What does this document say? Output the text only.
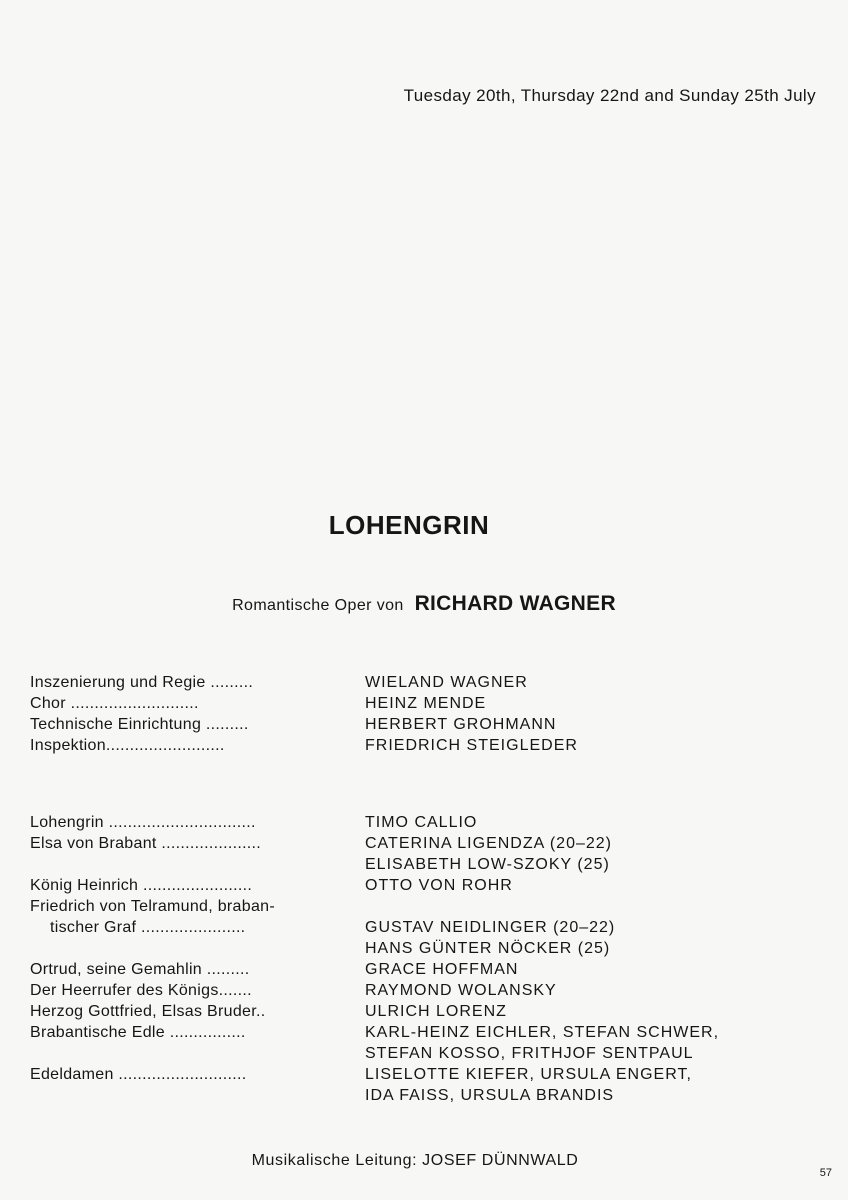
Tuesday 20th, Thursday 22nd and Sunday 25th July
LOHENGRIN
Romantische Oper von RICHARD WAGNER
Inszenierung und Regie .........	WIELAND WAGNER
Chor ...........................	HEINZ MENDE
Technische Einrichtung .........	HERBERT GROHMANN
Inspektion.........................	FRIEDRICH STEIGLEDER
Lohengrin ...............................	TIMO CALLIO
Elsa von Brabant .....................	CATERINA LIGENDZA (20–22)
ELISABETH LOW-SZOKY (25)
König Heinrich .......................	OTTO VON ROHR
Friedrich von Telramund, braban-
tischer Graf ......................	GUSTAV NEIDLINGER (20–22)
HANS GÜNTER NÖCKER (25)
Ortrud, seine Gemahlin .........	GRACE HOFFMAN
Der Heerrufer des Königs.......	RAYMOND WOLANSKY
Herzog Gottfried, Elsas Bruder..	ULRICH LORENZ
Brabantische Edle ................	KARL-HEINZ EICHLER, STEFAN SCHWER,
STEFAN KOSSO, FRITHJOF SENTPAUL
Edeldamen ...........................	LISELOTTE KIEFER, URSULA ENGERT,
IDA FAISS, URSULA BRANDIS
Musikalische Leitung: JOSEF DÜNNWALD
57
